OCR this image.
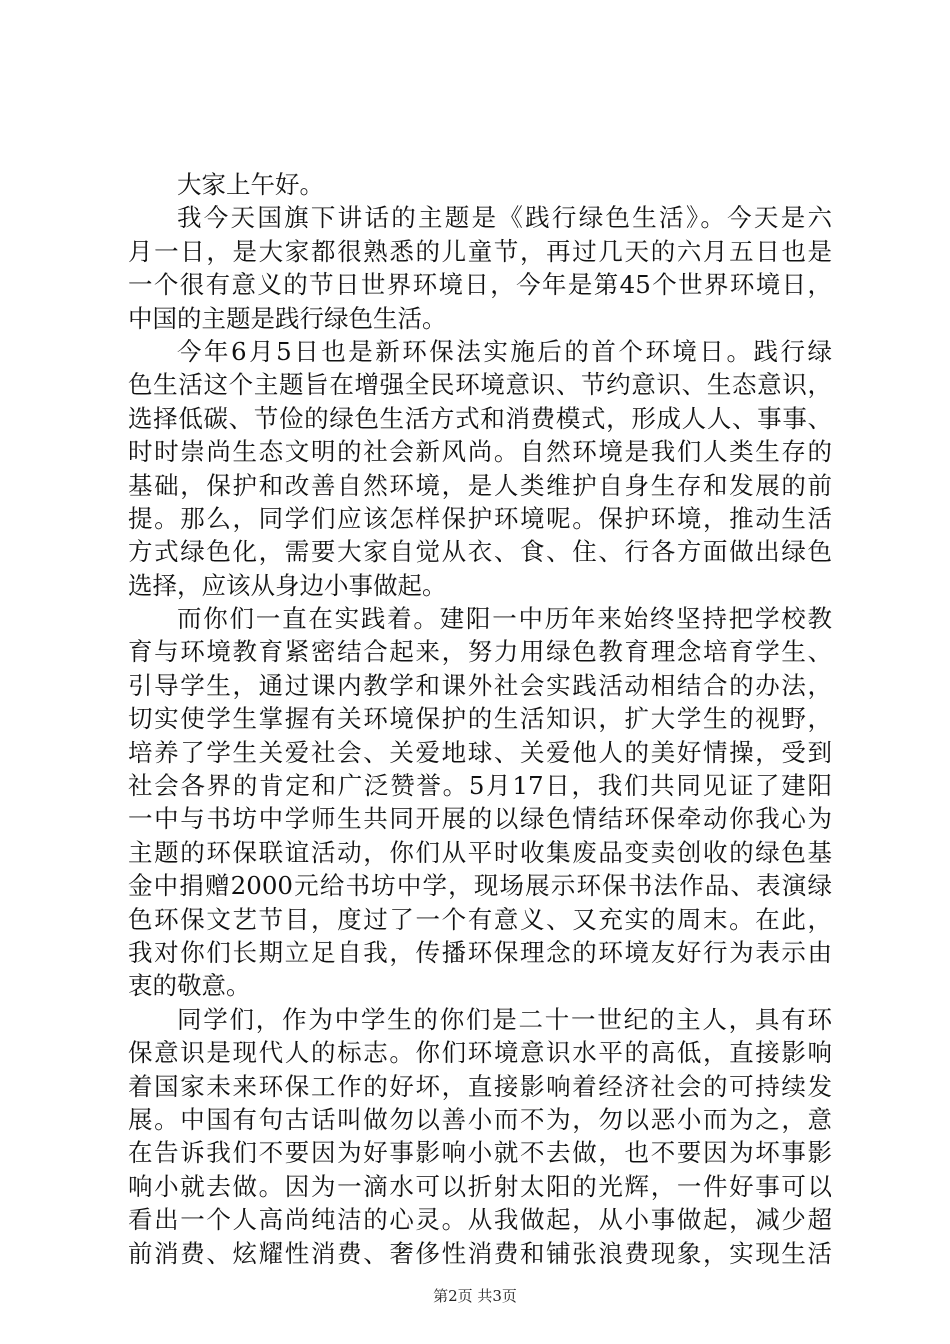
大家上午好。
我今天国旗下讲话的主题是《践行绿色生活》。今天是六
月一日，是大家都很熟悉的儿童节，再过几天的六月五日也是
一个很有意义的节日世界环境日，今年是第45个世界环境日，
中国的主题是践行绿色生活。
今年6月5日也是新环保法实施后的首个环境日。践行绿
色生活这个主题旨在增强全民环境意识、节约意识、生态意识，
选择低碳、节俭的绿色生活方式和消费模式，形成人人、事事、
时时崇尚生态文明的社会新风尚。自然环境是我们人类生存的
基础，保护和改善自然环境，是人类维护自身生存和发展的前
提。那么，同学们应该怎样保护环境呢。保护环境，推动生活
方式绿色化，需要大家自觉从衣、食、住、行各方面做出绿色
选择，应该从身边小事做起。
而你们一直在实践着。建阳一中历年来始终坚持把学校教
育与环境教育紧密结合起来，努力用绿色教育理念培育学生、
引导学生，通过课内教学和课外社会实践活动相结合的办法，
切实使学生掌握有关环境保护的生活知识，扩大学生的视野，
培养了学生关爱社会、关爱地球、关爱他人的美好情操，受到
社会各界的肯定和广泛赞誉。5月17日，我们共同见证了建阳
一中与书坊中学师生共同开展的以绿色情结环保牵动你我心为
主题的环保联谊活动，你们从平时收集废品变卖创收的绿色基
金中捐赠2000元给书坊中学，现场展示环保书法作品、表演绿
色环保文艺节目，度过了一个有意义、又充实的周末。在此，
我对你们长期立足自我，传播环保理念的环境友好行为表示由
衷的敬意。
同学们，作为中学生的你们是二十一世纪的主人，具有环
保意识是现代人的标志。你们环境意识水平的高低，直接影响
着国家未来环保工作的好坏，直接影响着经济社会的可持续发
展。中国有句古话叫做勿以善小而不为，勿以恶小而为之，意
在告诉我们不要因为好事影响小就不去做，也不要因为坏事影
响小就去做。因为一滴水可以折射太阳的光辉，一件好事可以
看出一个人高尚纯洁的心灵。从我做起，从小事做起，减少超
前消费、炫耀性消费、奢侈性消费和铺张浪费现象，实现生活
第2页 共3页
